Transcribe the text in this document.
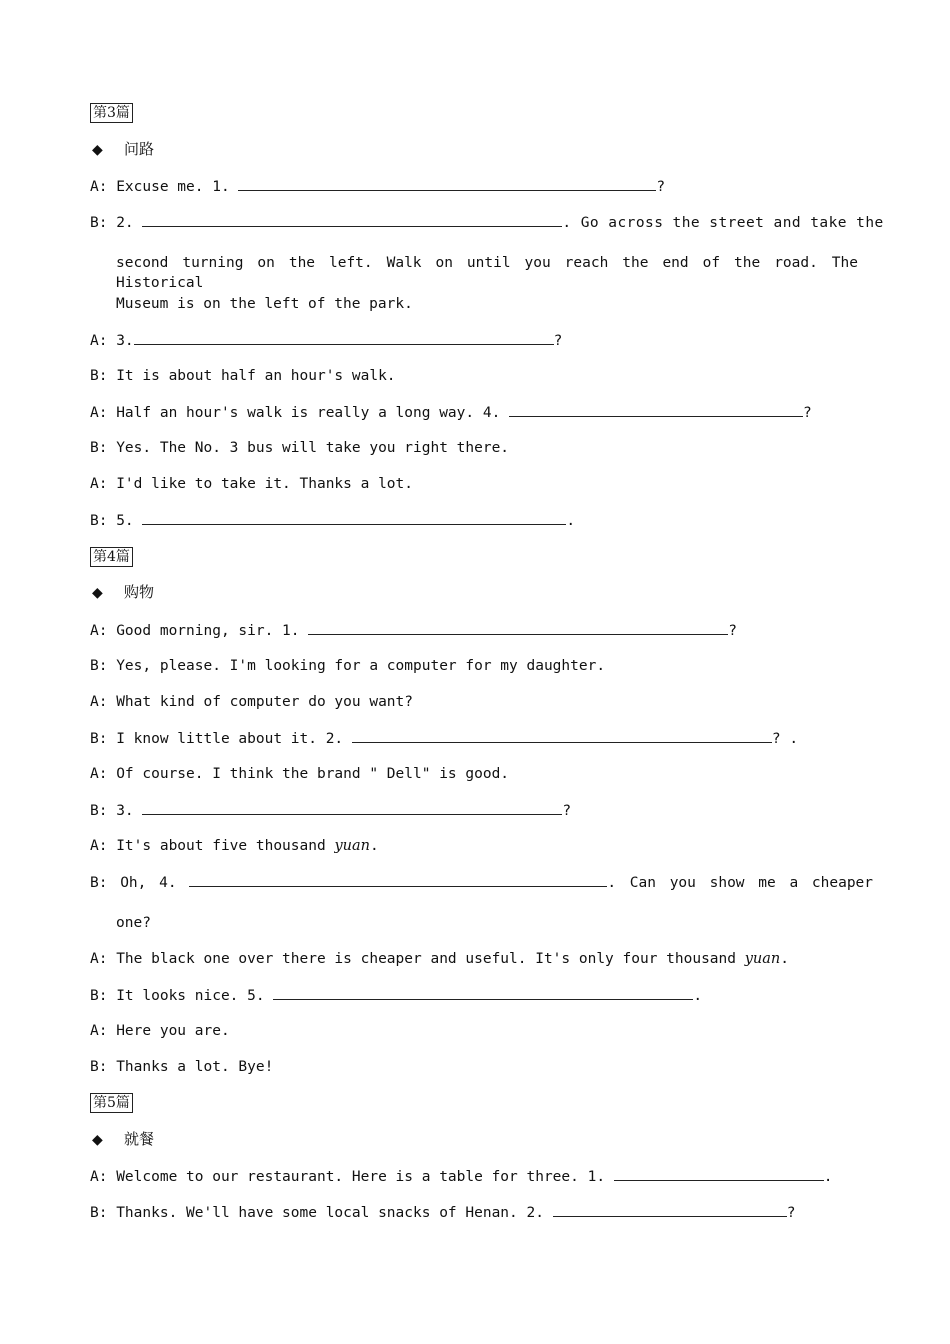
第3篇
◆ 问路
A: Excuse me. 1.	?
B: 2.	. Go across the street and take the
second turning on the left. Walk on until you reach the end of the road. The Historical
Museum is on the left of the park.
A: 3.	?
B: It is about half an hour's walk.
A: Half an hour's walk is really a long way. 4.	?
B: Yes. The No. 3 bus will take you right there.
A: I'd like to take it. Thanks a lot.
B: 5.	.
第4篇
◆ 购物
A: Good morning, sir. 1.	?
B: Yes, please. I'm looking for a computer for my daughter.
A: What kind of computer do you want?
B: I know little about it. 2.	? .
A: Of course. I think the brand " Dell" is good.
B: 3.	?
A: It's about five thousand yuan.
B: Oh, 4.	. Can you show me a cheaper
one?
A: The black one over there is cheaper and useful. It's only four thousand yuan.
B: It looks nice. 5.	.
A: Here you are.
B: Thanks a lot. Bye!
第5篇
◆ 就餐
A: Welcome to our restaurant. Here is a table for three. 1.	.
B: Thanks. We'll have some local snacks of Henan. 2.	?
